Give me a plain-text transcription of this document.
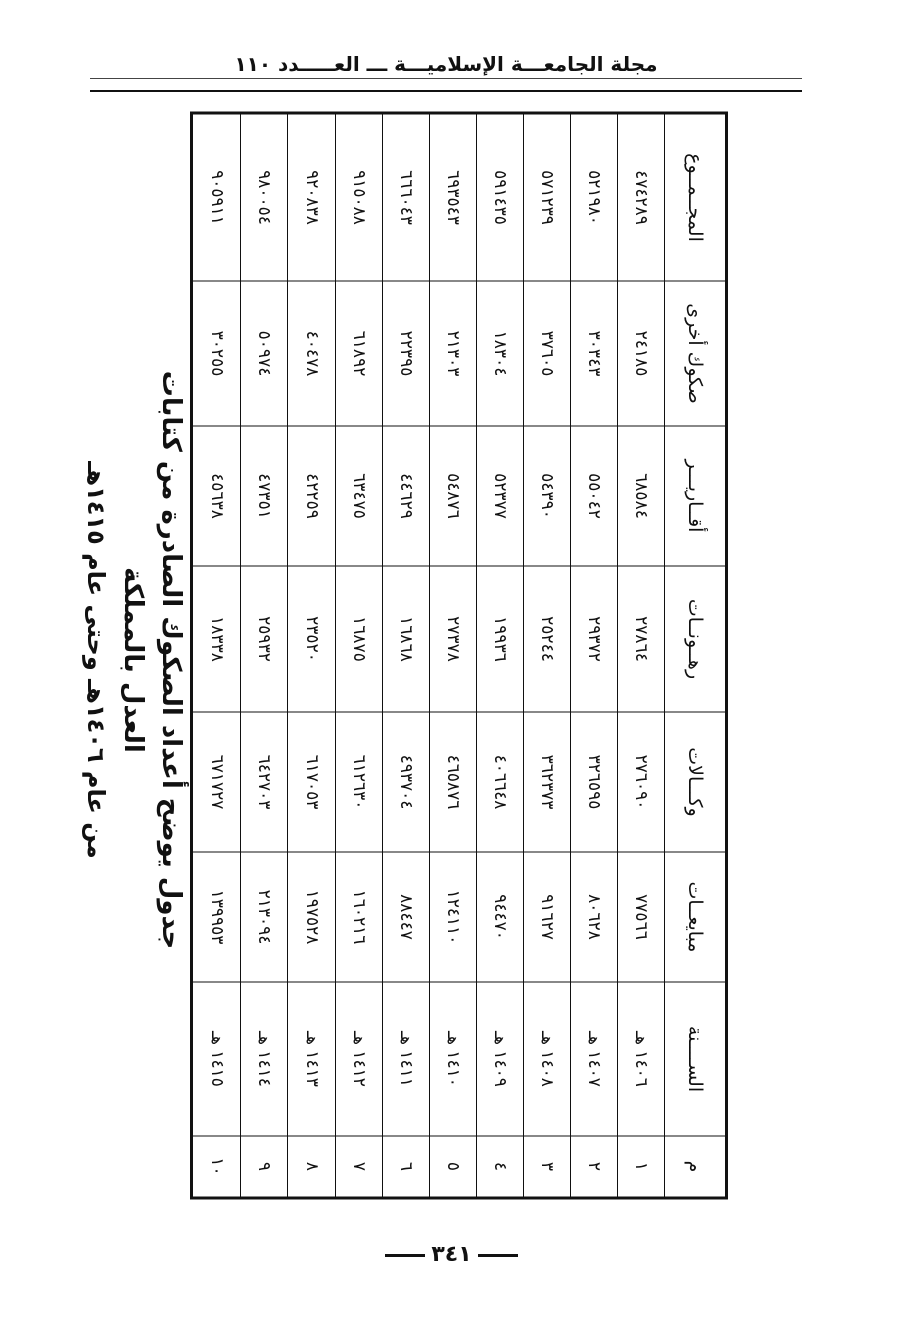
مجلة الجامعـــة الإسلاميـــة ـــ العـــــدد ١١٠
جدول يوضح أعداد الصكوك الصادرة من كتابات العدل بالمملكة
من عام ١٤٠٦هـ وحتى عام ١٤١٥هـ
م	الســــنة	مبايعــات	وكـــالات	رهــونــات	أقــاريـــر	صكوك أخرى	المجــمــوع
١	١٤٠٦ هـ	٧٧٥٦٦	٢٧٦٠٩٠	٢٧٨٦٤	٦٨٥٨٤	٢٤١٨٥	٤٧٤٢٨٩
٢	١٤٠٧ هـ	٨٠٦٢٨	٣٢٦٥٩٥	٢٩٣٧٢	٥٥٠٤٢	٣٠٣٤٣	٥٢١٩٨٠
٣	١٤٠٨ هـ	٩١٦٢٧	٣٦٢٣٧٣	٢٥٢٤٤	٥٤٣٩٠	٣٧٦٠٥	٥٧١٢٣٩
٤	١٤٠٩ هـ	٩٤٤٧٠	٤٠٦٦٤٨	١٩٩٣٦	٥٢٣٧٧	١٨٣٠٤	٥٩١٤٣٥
٥	١٤١٠ هـ	١٢٤١١٠	٤٦٥٨٧٦	٢٧٣٧٨	٥٤٨٧٦	٢١٣٠٣	٦٩٣٥٤٣
٦	١٤١١ هـ	٨٨٤٤٧	٤٩٣٧٠٤	١٦٨٦٨	٤٤٦٢٩	٢٢٣٩٥	٦٦٦٠٤٣
٧	١٤١٢ هـ	١٦٠٢١٦	٦١٢٦٣٠	١٦٨٧٥	٦٣٤٧٥	٦١٨٩٢	٩١٥٠٨٨
٨	١٤١٣ هـ	١٩٧٥٢٨	٦١٧٠٥٣	٢٣٥٢٠	٤٢٢٥٩	٤٠٤٧٨	٩٢٠٨٣٨
٩	١٤١٤ هـ	٢١٣٠٩٤	٦٤٢٧٠٣	٢٥٩٣٢	٤٧٣٥١	٥٠٩٧٤	٩٨٠٠٥٤
١٠	١٤١٥ هـ	١٣٩٩٥٣	٦٧١٧٢٧	١٨٣٣٨	٤٥٦٣٨	٣٠٢٥٥	٩٠٥٩١١
٣٤١
